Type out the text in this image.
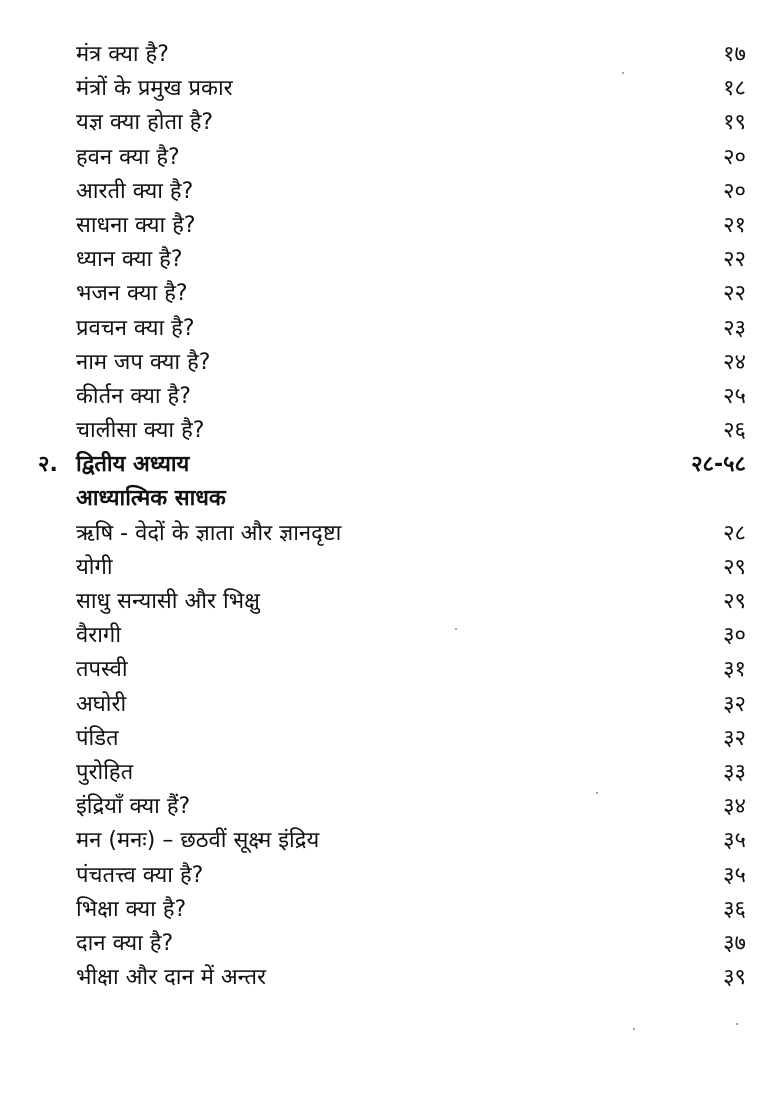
मंत्र क्या है?	१७
मंत्रों के प्रमुख प्रकार	१८
यज्ञ क्या होता है?	१९
हवन क्या है?	२०
आरती क्या है?	२०
साधना क्या है?	२१
ध्यान क्या है?	२२
भजन क्या है?	२२
प्रवचन क्या है?	२३
नाम जप क्या है?	२४
कीर्तन क्या है?	२५
चालीसा क्या है?	२६
२. द्वितीय अध्याय	२८-५८
आध्यात्मिक साधक
ऋषि - वेदों के ज्ञाता और ज्ञानदृष्टा	२८
योगी	२९
साधु सन्यासी और भिक्षु	२९
वैरागी	३०
तपस्वी	३१
अघोरी	३२
पंडित	३२
पुरोहित	३३
इंद्रियाँ क्या हैं?	३४
मन (मनः) – छठवीं सूक्ष्म इंद्रिय	३५
पंचतत्त्व क्या है?	३५
भिक्षा क्या है?	३६
दान क्या है?	३७
भीक्षा और दान में अन्तर	३९
